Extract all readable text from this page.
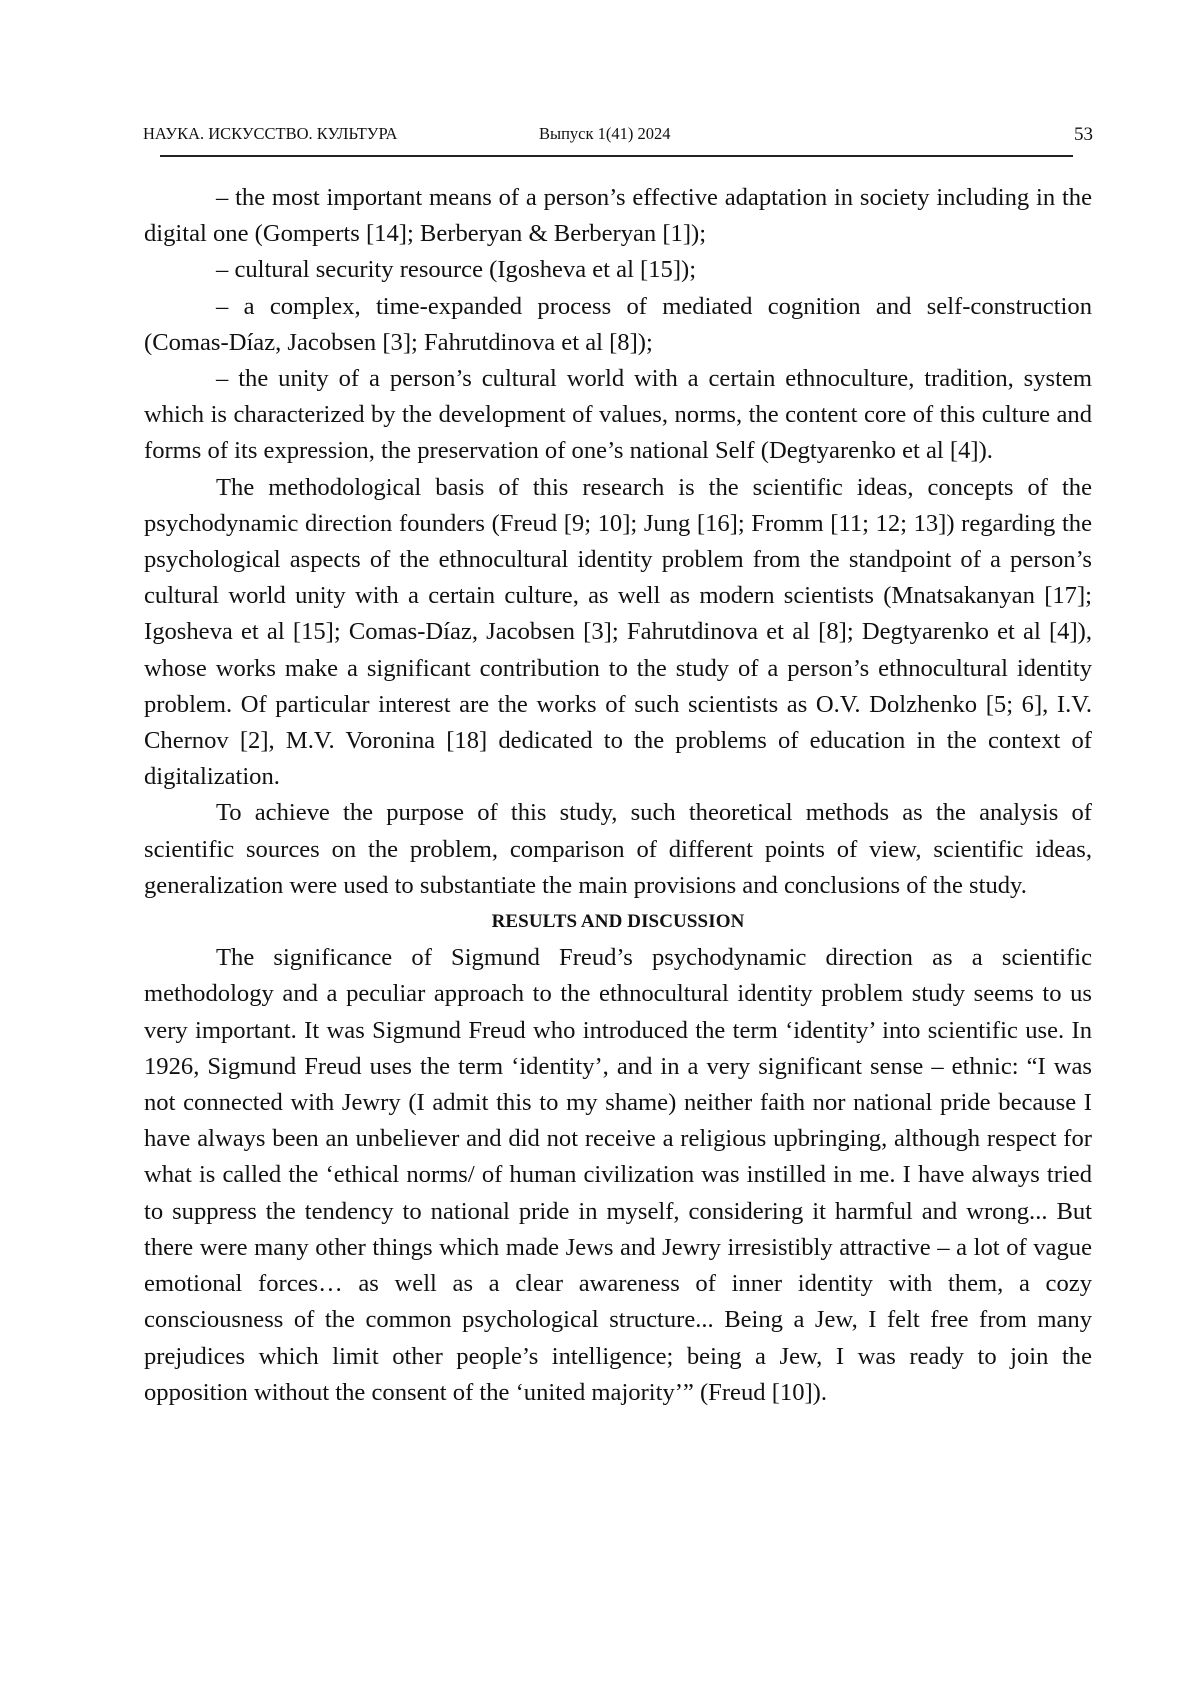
НАУКА. ИСКУССТВО. КУЛЬТУРА	Выпуск 1(41) 2024	53

– the most important means of a person’s effective adaptation in society including in the digital one (Gomperts [14]; Berberyan & Berberyan [1]);

– cultural security resource (Igosheva et al [15]);

– a complex, time-expanded process of mediated cognition and self-construction (Comas-Díaz, Jacobsen [3]; Fahrutdinova et al [8]);

– the unity of a person’s cultural world with a certain ethnoculture, tradition, system which is characterized by the development of values, norms, the content core of this culture and forms of its expression, the preservation of one’s national Self (Degtyarenko et al [4]).

The methodological basis of this research is the scientific ideas, concepts of the psychodynamic direction founders (Freud [9; 10]; Jung [16]; Fromm [11; 12; 13]) regarding the psychological aspects of the ethnocultural identity problem from the standpoint of a person’s cultural world unity with a certain culture, as well as modern scientists (Mnatsakanyan [17]; Igosheva et al [15]; Comas-Díaz, Jacobsen [3]; Fahrutdinova et al [8]; Degtyarenko et al [4]), whose works make a significant contribution to the study of a person’s ethnocultural identity problem. Of particular interest are the works of such scientists as O.V. Dolzhenko [5; 6], I.V. Chernov [2], M.V. Voronina [18] dedicated to the problems of education in the context of digitalization.

To achieve the purpose of this study, such theoretical methods as the analysis of scientific sources on the problem, comparison of different points of view, scientific ideas, generalization were used to substantiate the main provisions and conclusions of the study.

RESULTS AND DISCUSSION

The significance of Sigmund Freud’s psychodynamic direction as a scientific methodology and a peculiar approach to the ethnocultural identity problem study seems to us very important. It was Sigmund Freud who introduced the term ‘identity’ into scientific use. In 1926, Sigmund Freud uses the term ‘identity’, and in a very significant sense – ethnic: “I was not connected with Jewry (I admit this to my shame) neither faith nor national pride because I have always been an unbeliever and did not receive a religious upbringing, although respect for what is called the ‘ethical norms/ of human civilization was instilled in me. I have always tried to suppress the tendency to national pride in myself, considering it harmful and wrong... But there were many other things which made Jews and Jewry irresistibly attractive – a lot of vague emotional forces… as well as a clear awareness of inner identity with them, a cozy consciousness of the common psychological structure... Being a Jew, I felt free from many prejudices which limit other people’s intelligence; being a Jew, I was ready to join the opposition without the consent of the ‘united majority’” (Freud [10]).
